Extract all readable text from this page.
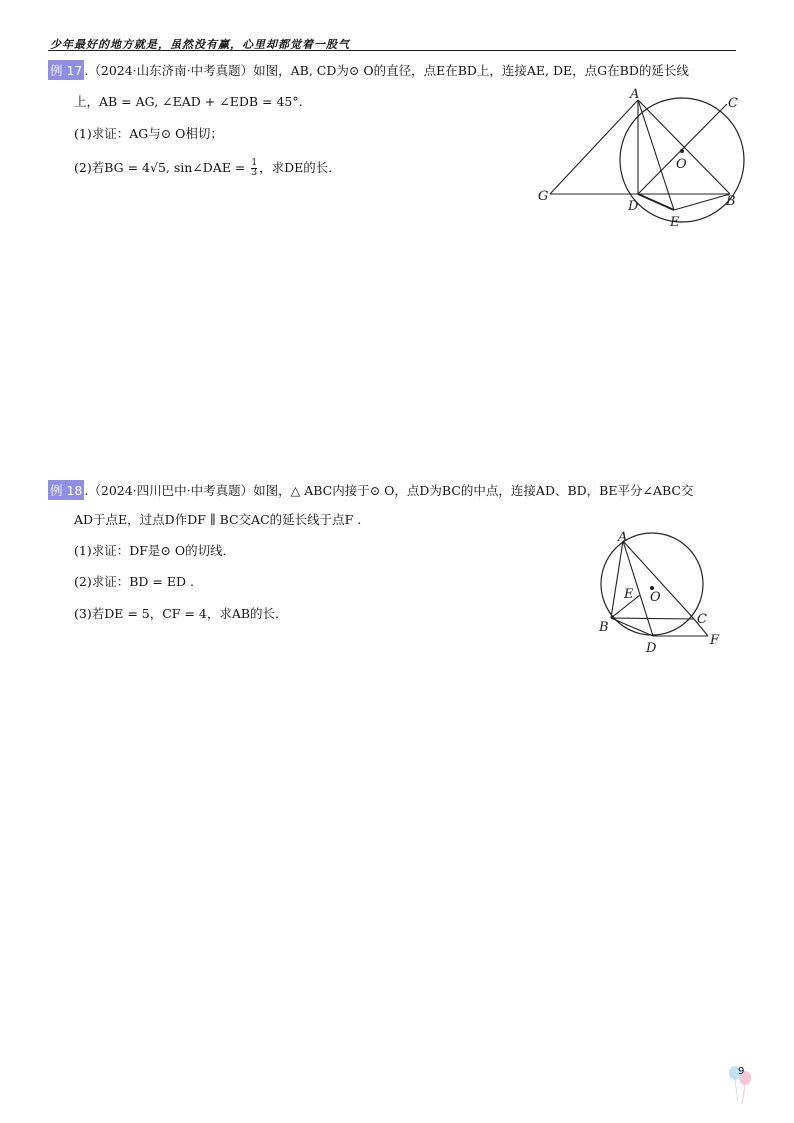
少年最好的地方就是，虽然没有赢，心里却都觉着一股气
例 17 .（2024·山东济南·中考真题）如图，AB, CD为⊙ O的直径，点E在BD上，连接AE, DE，点G在BD的延长线
上，AB = AG, ∠EAD + ∠EDB = 45°.
(1)求证：AG与⊙ O相切；
(2)若BG = 4√5, sin∠DAE = $\frac{1}{3}$ ，求DE的长．
A
C
O
G
D
E
B
例 18 .（2024·四川巴中·中考真题）如图，△ ABC内接于⊙ O，点D为BC的中点，连接AD、BD，BE平分∠ABC交
AD于点E，过点D作DF ∥ BC交AC的延长线于点F .
(1)求证：DF是⊙ O的切线．
(2)求证：BD = ED .
(3)若DE = 5，CF = 4，求AB的长．
A
E O
B
C
D
F
9
